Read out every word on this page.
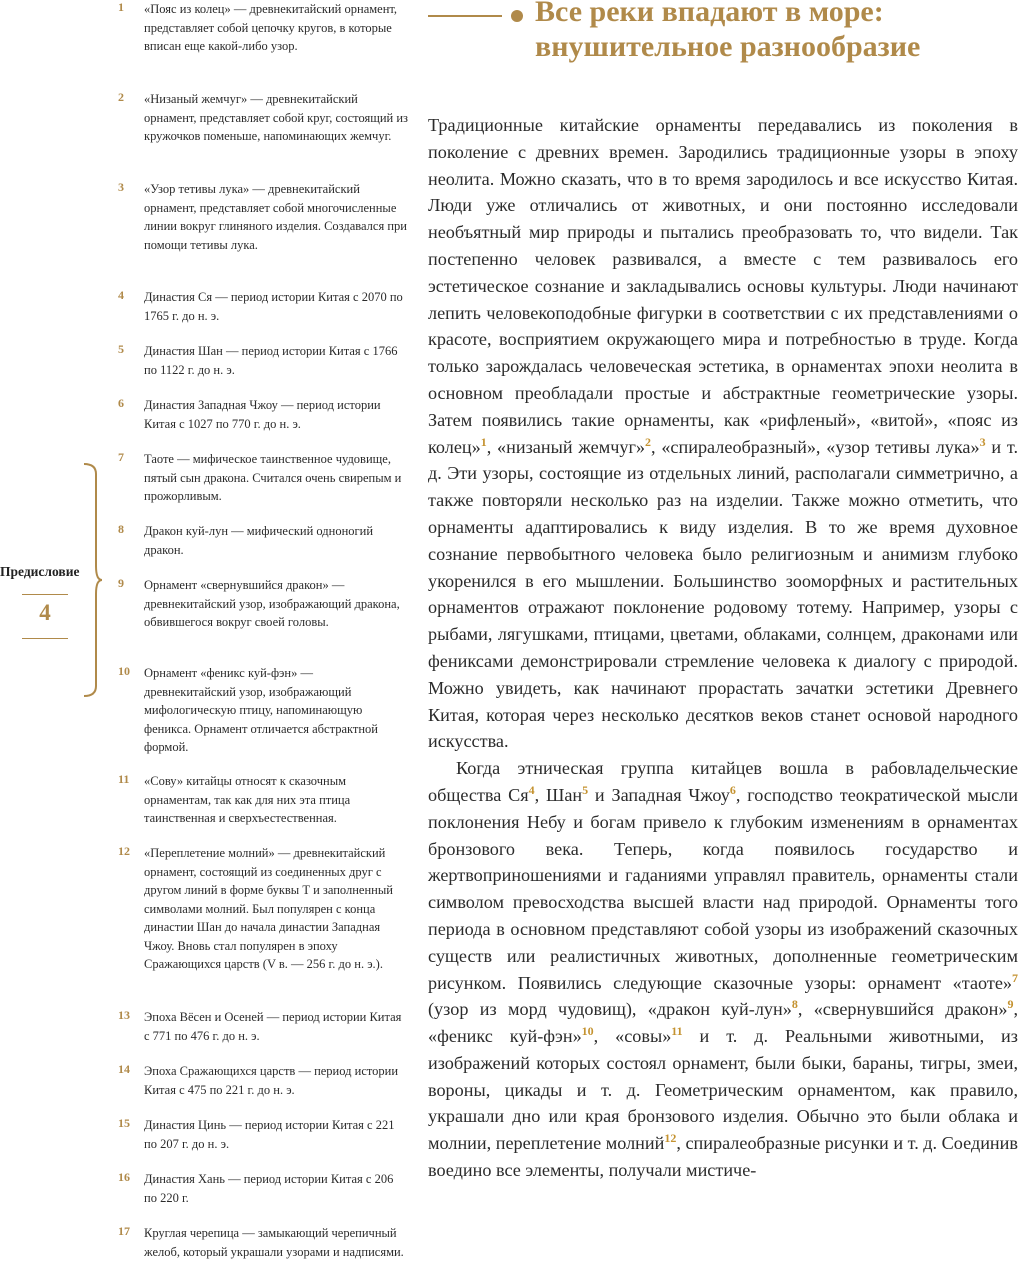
1 «Пояс из колец» — древнекитайский орнамент, представляет собой цепочку кругов, в которые вписан еще какой-либо узор.
2 «Низаный жемчуг» — древнекитайский орнамент, представляет собой круг, состоящий из кружочков поменьше, напоминающих жемчуг.
3 «Узор тетивы лука» — древнекитайский орнамент, представляет собой многочисленные линии вокруг глиняного изделия. Создавался при помощи тетивы лука.
4 Династия Ся — период истории Китая с 2070 по 1765 г. до н. э.
5 Династия Шан — период истории Китая с 1766 по 1122 г. до н. э.
6 Династия Западная Чжоу — период истории Китая с 1027 по 770 г. до н. э.
7 Таоте — мифическое таинственное чудовище, пятый сын дракона. Считался очень свирепым и прожорливым.
8 Дракон куй-лун — мифический одноногий дракон.
9 Орнамент «свернувшийся дракон» — древнекитайский узор, изображающий дракона, обвившегося вокруг своей головы.
10 Орнамент «феникс куй-фэн» — древнекитайский узор, изображающий мифологическую птицу, напоминающую феникса. Орнамент отличается абстрактной формой.
11 «Сову» китайцы относят к сказочным орнаментам, так как для них эта птица таинственная и сверхъестественная.
12 «Переплетение молний» — древнекитайский орнамент, состоящий из соединенных друг с другом линий в форме буквы Т и заполненный символами молний. Был популярен с конца династии Шан до начала династии Западная Чжоу. Вновь стал популярен в эпоху Сражающихся царств (V в. — 256 г. до н. э.).
13 Эпоха Вёсен и Осеней — период истории Китая с 771 по 476 г. до н. э.
14 Эпоха Сражающихся царств — период истории Китая с 475 по 221 г. до н. э.
15 Династия Цинь — период истории Китая с 221 по 207 г. до н. э.
16 Династия Хань — период истории Китая с 206 по 220 г.
17 Круглая черепица — замыкающий черепичный желоб, который украшали узорами и надписями.
Предисловие
4
Все реки впадают в море:
внушительное разнообразие

Традиционные китайские орнаменты передавались из поколения в поколение с древних времен. Зародились традиционные узоры в эпоху неолита. Можно сказать, что в то время зародилось и все искусство Китая. Люди уже отличались от животных, и они постоянно исследовали необъятный мир природы и пытались преобразовать то, что видели. Так постепенно человек развивался, а вместе с тем развивалось его эстетическое сознание и закладывались основы культуры. Люди начинают лепить человекоподобные фигурки в соответствии с их представлениями о красоте, восприятием окружающего мира и потребностью в труде. Когда только зарождалась человеческая эстетика, в орнаментах эпохи неолита в основном преобладали простые и абстрактные геометрические узоры. Затем появились такие орнаменты, как «рифленый», «витой», «пояс из колец»$^1$, «низаный жемчуг»$^2$, «спиралеобразный», «узор тетивы лука»$^3$ и т. д. Эти узоры, состоящие из отдельных линий, располагали симметрично, а также повторяли несколько раз на изделии. Также можно отметить, что орнаменты адаптировались к виду изделия. В то же время духовное сознание первобытного человека было религиозным и анимизм глубоко укоренился в его мышлении. Большинство зооморфных и растительных орнаментов отражают поклонение родовому тотему. Например, узоры с рыбами, лягушками, птицами, цветами, облаками, солнцем, драконами или фениксами демонстрировали стремление человека к диалогу с природой. Можно увидеть, как начинают прорастать зачатки эстетики Древнего Китая, которая через несколько десятков веков станет основой народного искусства.

Когда этническая группа китайцев вошла в рабовладельческие общества Ся$^4$, Шан$^5$ и Западная Чжоу$^6$, господство теократической мысли поклонения Небу и богам привело к глубоким изменениям в орнаментах бронзового века. Теперь, когда появилось государство и жертвоприношениями и гаданиями управлял правитель, орнаменты стали символом превосходства высшей власти над природой. Орнаменты того периода в основном представляют собой узоры из изображений сказочных существ или реалистичных животных, дополненные геометрическим рисунком. Появились следующие сказочные узоры: орнамент «таоте»$^7$ (узор из морд чудовищ), «дракон куй-лун»$^8$, «свернувшийся дракон»$^9$, «феникс куй-фэн»$^{10}$, «совы»$^{11}$ и т. д. Реальными животными, из изображений которых состоял орнамент, были быки, бараны, тигры, змеи, вороны, цикады и т. д. Геометрическим орнаментом, как правило, украшали дно или края бронзового изделия. Обычно это были облака и молнии, переплетение молний$^{12}$, спиралеобразные рисунки и т. д. Соединив воедино все элементы, получали мистиче-
